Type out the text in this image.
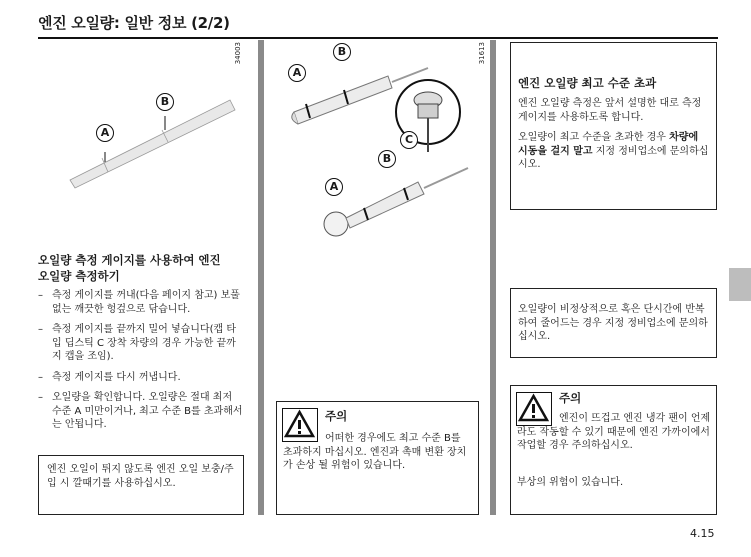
엔진 오일량: 일반 정보 (2/2)
34003
A
B
31613
A
B
C
B
A
오일량 측정 게이지를 사용하여 엔진
오일량 측정하기
– 측정 게이지를 꺼내(다음 페이지 참고) 보풀없는 깨끗한 헝겊으로 닦습니다.
– 측정 게이지를 끝까지 밀어 넣습니다(캡 타입 딥스틱 C 장착 차량의 경우 가능한 끝까지 캡을 조임).
– 측정 게이지를 다시 꺼냅니다.
– 오일량을 확인합니다. 오일량은 절대 최저 수준 A 미만이거나, 최고 수준 B를 초과해서는 안됩니다.
엔진 오일이 튀지 않도록 엔진 오일 보충/주입 시 깔때기를 사용하십시오.
주의
어떠한 경우에도 최고 수준 B를 초과하지 마십시오. 엔진과 촉매 변환 장치가 손상 될 위험이 있습니다.
엔진 오일량 최고 수준 초과
엔진 오일량 측정은 앞서 설명한 대로 측정 게이지를 사용하도록 합니다.
오일량이 최고 수준을 초과한 경우 차량에 시동을 걸지 말고 지정 정비업소에 문의하십시오.
오일량이 비정상적으로 혹은 단시간에 반복하여 줄어드는 경우 지정 정비업소에 문의하십시오.
주의
엔진이 뜨겁고 엔진 냉각 팬이 언제라도 작동할 수 있기 때문에 엔진 가까이에서 작업할 경우 주의하십시오.
부상의 위험이 있습니다.
4.15
